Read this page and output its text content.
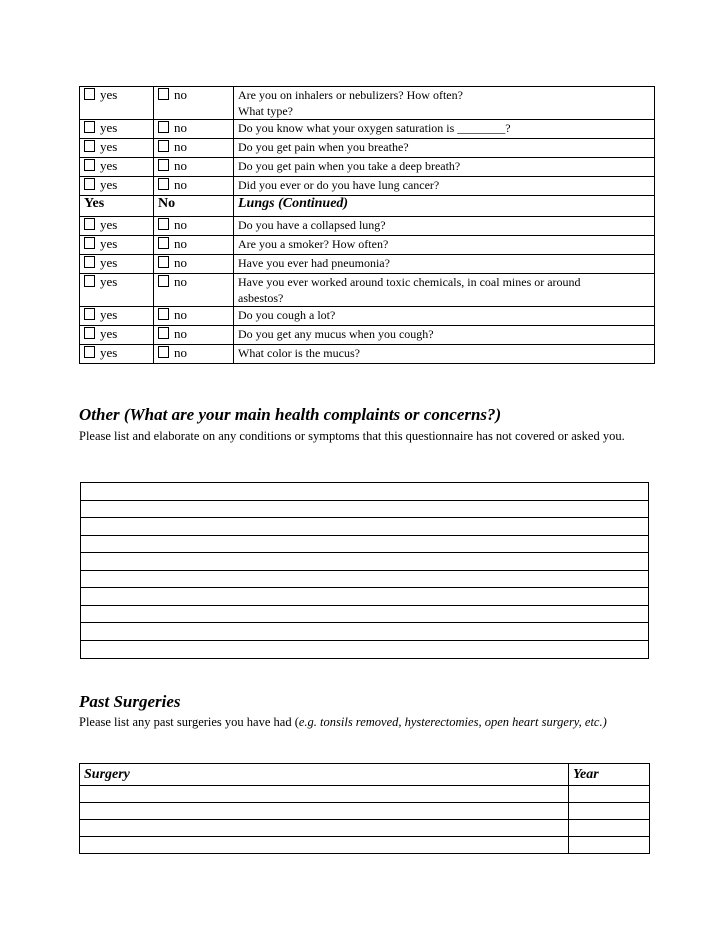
yes	no	Are you on inhalers or nebulizers? How often?
What type?
yes	no	Do you know what your oxygen saturation is ________?
yes	no	Do you get pain when you breathe?
yes	no	Do you get pain when you take a deep breath?
yes	no	Did you ever or do you have lung cancer?
Yes	No	Lungs (Continued)
yes	no	Do you have a collapsed lung?
yes	no	Are you a smoker? How often?
yes	no	Have you ever had pneumonia?
yes	no	Have you ever worked around toxic chemicals, in coal mines or around
asbestos?
yes	no	Do you cough a lot?
yes	no	Do you get any mucus when you cough?
yes	no	What color is the mucus?
Other (What are your main health complaints or concerns?)

Please list and elaborate on any conditions or symptoms that this questionnaire has not covered or asked you.

Past Surgeries

Please list any past surgeries you have had (e.g. tonsils removed, hysterectomies, open heart surgery, etc.)

Surgery	Year
